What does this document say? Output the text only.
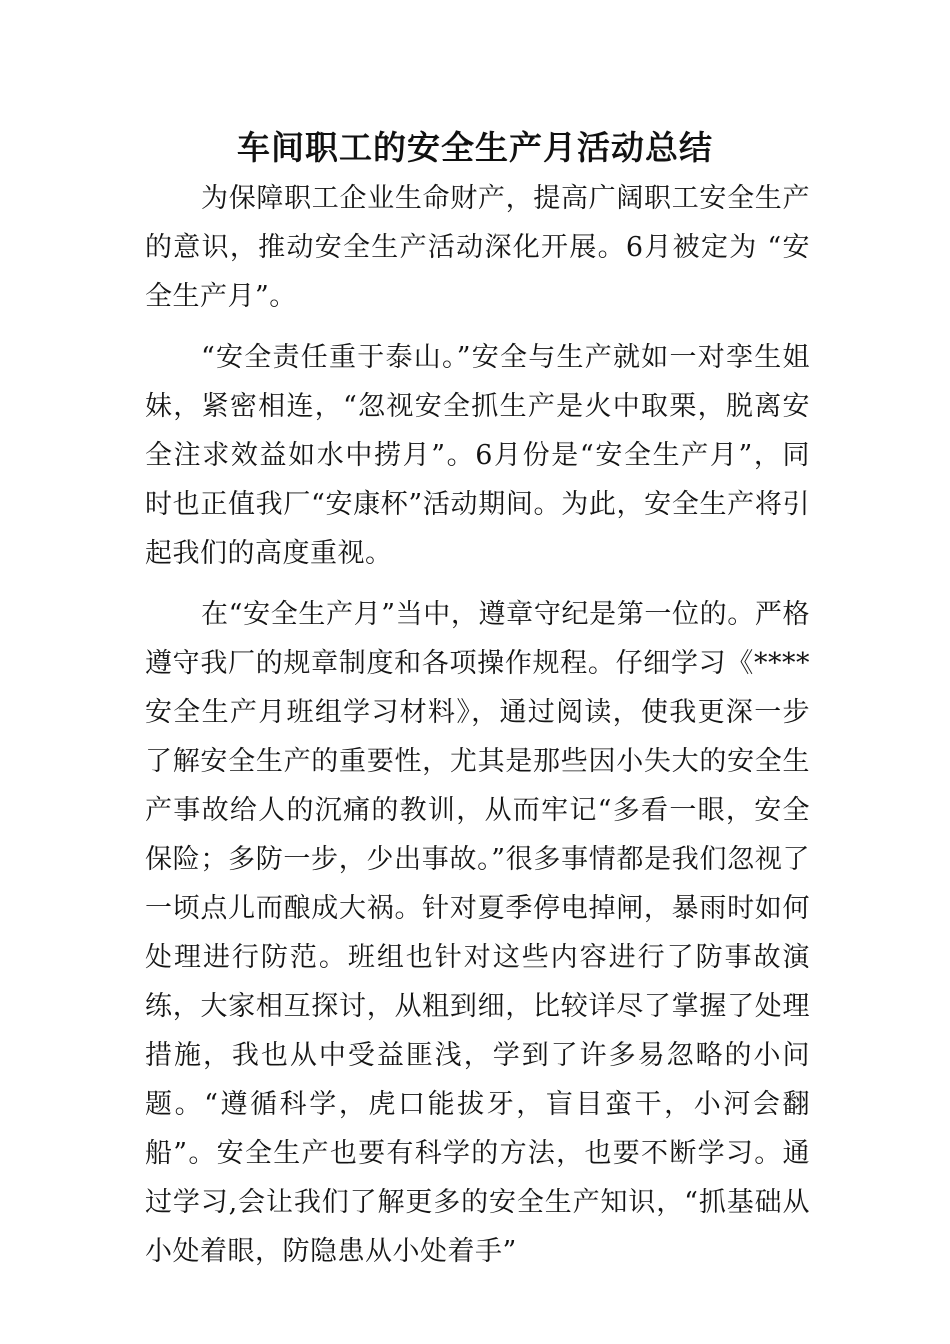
车间职工的安全生产月活动总结

为保障职工企业生命财产，提高广阔职工安全生产的意识，推动安全生产活动深化开展。6月被定为 “安全生产月”。

“安全责任重于泰山。”安全与生产就如一对孪生姐妹，紧密相连，“忽视安全抓生产是火中取栗，脱离安全注求效益如水中捞月”。6月份是“安全生产月”，同时也正值我厂“安康杯”活动期间。为此，安全生产将引起我们的高度重视。

在“安全生产月”当中，遵章守纪是第一位的。严格遵守我厂的规章制度和各项操作规程。仔细学习《****安全生产月班组学习材料》，通过阅读，使我更深一步了解安全生产的重要性，尤其是那些因小失大的安全生产事故给人的沉痛的教训，从而牢记“多看一眼，安全保险；多防一步，少出事故。”很多事情都是我们忽视了一顷点儿而酿成大祸。针对夏季停电掉闸，暴雨时如何处理进行防范。班组也针对这些内容进行了防事故演练，大家相互探讨，从粗到细，比较详尽了掌握了处理措施，我也从中受益匪浅，学到了许多易忽略的小问题。“遵循科学，虎口能拔牙，盲目蛮干，小河会翻船”。安全生产也要有科学的方法，也要不断学习。通过学习,会让我们了解更多的安全生产知识，“抓基础从小处着眼，防隐患从小处着手”
